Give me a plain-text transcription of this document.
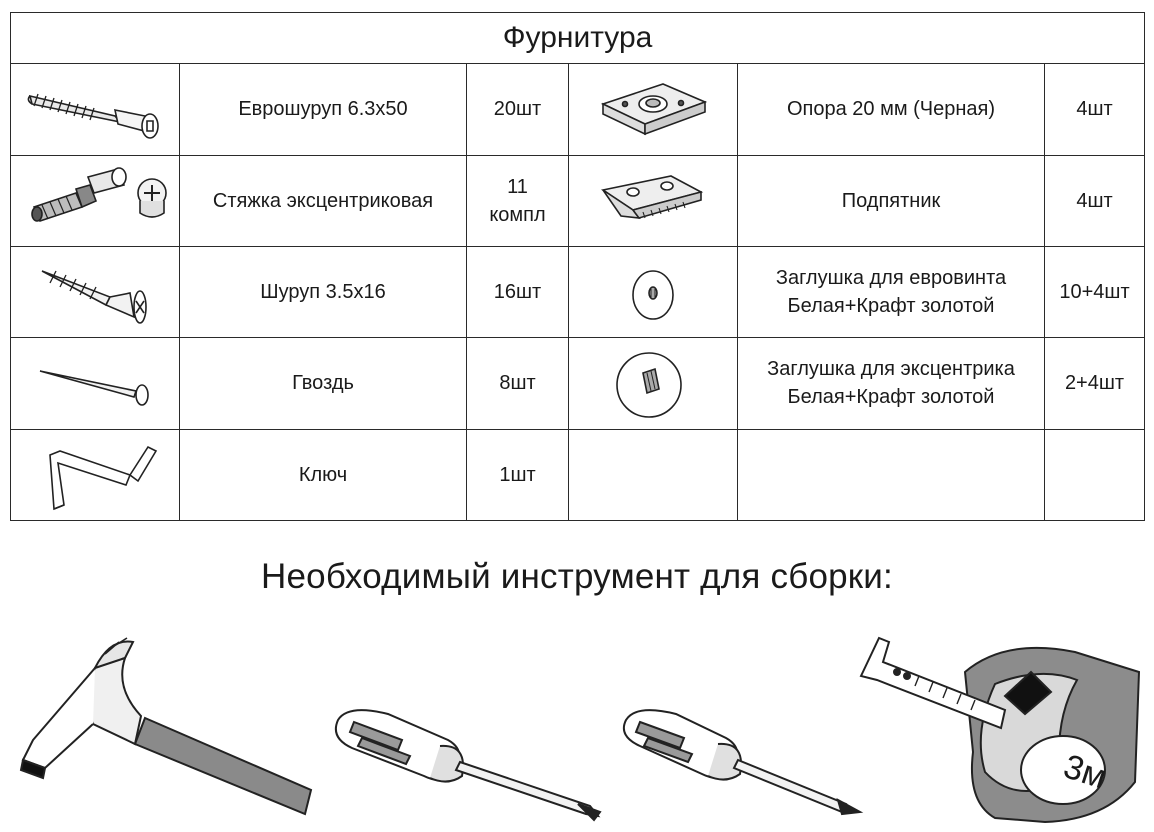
Фурнитура					

	Еврошуруп 6.3х50	20шт		Опора 20 мм (Черная)	4шт

	Стяжка эксцентриковая	11
компл		Подпятник	4шт

	Шуруп 3.5х16	16шт		Заглушка для евровинта
Белая+Крафт золотой	10+4шт

	Гвоздь	8шт		Заглушка для эксцентрика
Белая+Крафт золотой	2+4шт

	Ключ	1шт			
Необходимый инструмент для сборки:
3м
